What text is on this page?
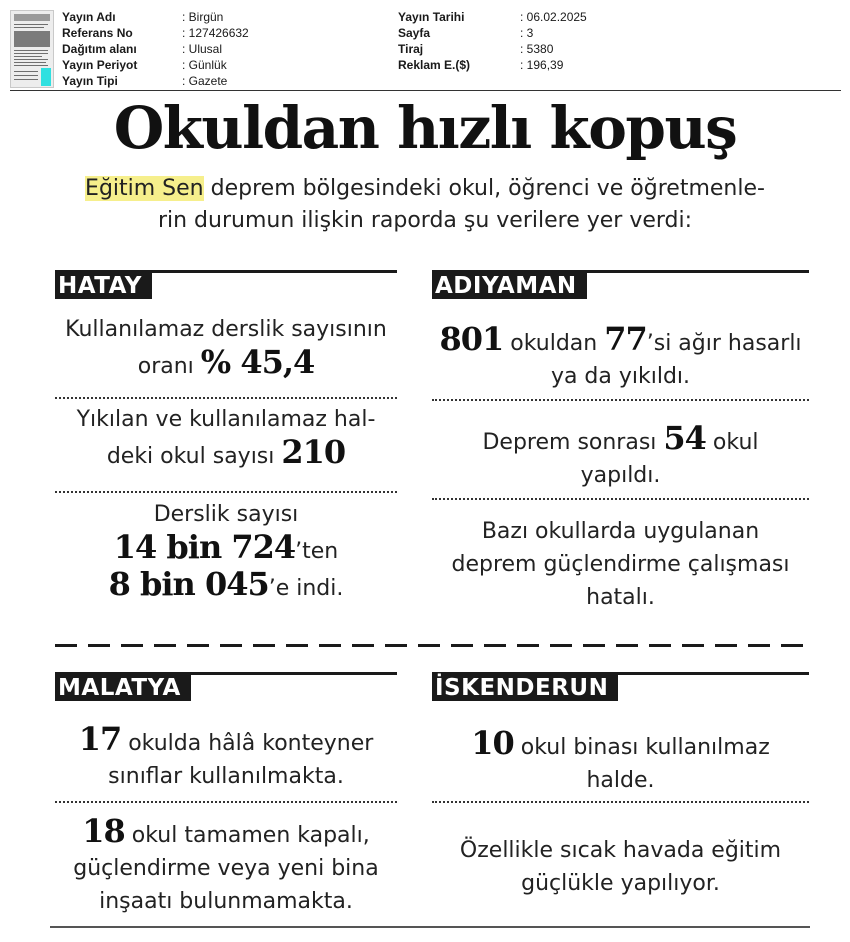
Yayın Adı	: Birgün
Referans No	: 127426632
Dağıtım alanı	: Ulusal
Yayın Periyot	: Günlük
Yayın Tipi	: Gazete
Yayın Tarihi	: 06.02.2025
Sayfa	: 3
Tiraj	: 5380
Reklam E.($)	: 196,39
Okuldan hızlı kopuş
Eğitim Sen deprem bölgesindeki okul, öğrenci ve öğretmenle-
rin durumun ilişkin raporda şu verilere yer verdi:
HATAY
Kullanılamaz derslik sayısının
oranı % 45,4
Yıkılan ve kullanılamaz hal-
deki okul sayısı 210
Derslik sayısı
14 bin 724’ten
8 bin 045’e indi.
ADIYAMAN
801 okuldan 77’si ağır hasarlı
ya da yıkıldı.
Deprem sonrası 54 okul
yapıldı.
Bazı okullarda uygulanan
deprem güçlendirme çalışması
hatalı.
MALATYA
17 okulda hâlâ konteyner
sınıflar kullanılmakta.
18 okul tamamen kapalı,
güçlendirme veya yeni bina
inşaatı bulunmamakta.
İSKENDERUN
10 okul binası kullanılmaz
halde.
Özellikle sıcak havada eğitim
güçlükle yapılıyor.
